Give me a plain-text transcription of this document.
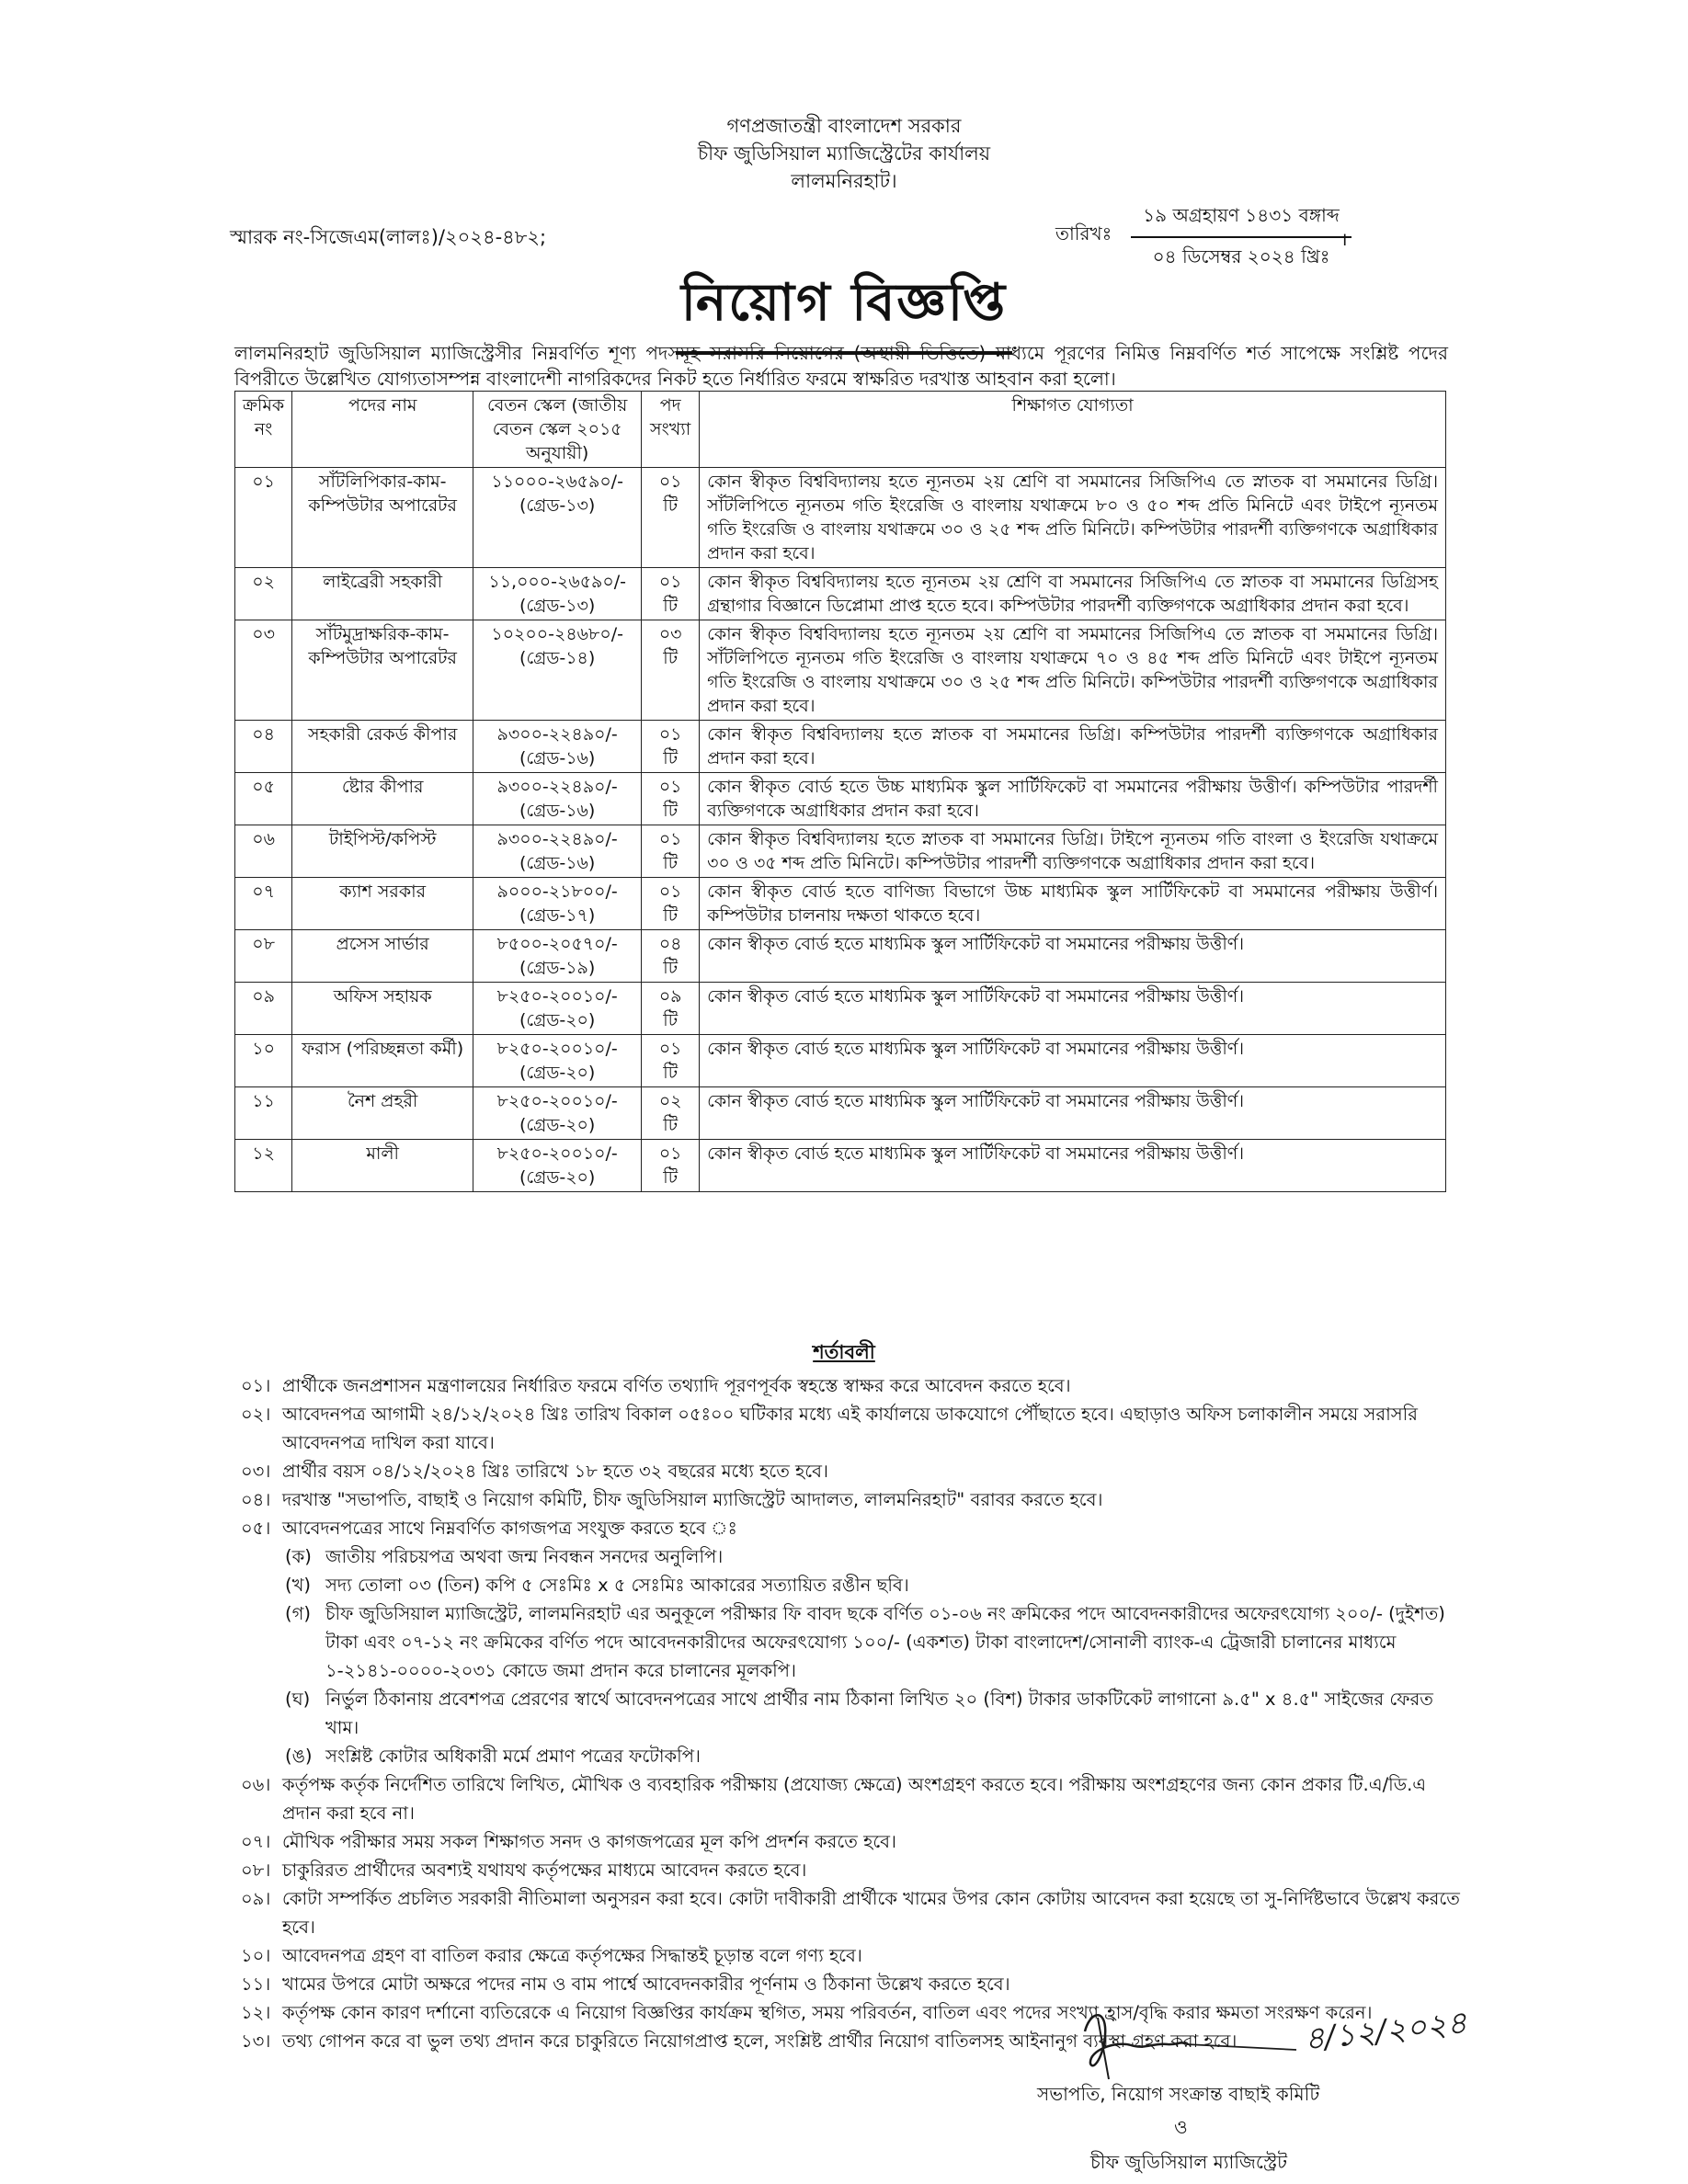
গণপ্রজাতন্ত্রী বাংলাদেশ সরকার
চীফ জুডিসিয়াল ম্যাজিস্ট্রেটের কার্যালয়
লালমনিরহাট।
স্মারক নং-সিজেএম(লালঃ)/২০২৪-৪৮২;	তারিখঃ
১৯ অগ্রহায়ণ ১৪৩১ বঙ্গাব্দ
০৪ ডিসেম্বর ২০২৪ খ্রিঃ
।
নিয়োগ বিজ্ঞপ্তি
লালমনিরহাট জুডিসিয়াল ম্যাজিস্ট্রেসীর নিম্নবর্ণিত শূণ্য পদসমূহ সরাসরি নিয়োগের (অস্থায়ী ভিত্তিতে) মাধ্যমে পূরণের নিমিত্ত নিম্নবর্ণিত শর্ত সাপেক্ষে সংশ্লিষ্ট পদের বিপরীতে উল্লেখিত যোগ্যতাসম্পন্ন বাংলাদেশী নাগরিকদের নিকট হতে নির্ধারিত ফরমে স্বাক্ষরিত দরখাস্ত আহবান করা হলো।
ক্রমিক নং	পদের নাম	বেতন স্কেল (জাতীয় বেতন স্কেল ২০১৫ অনুযায়ী)	পদ সংখ্যা	শিক্ষাগত যোগ্যতা
০১	সাঁটলিপিকার-কাম-কম্পিউটার অপারেটর	১১০০০-২৬৫৯০/-
(গ্রেড-১৩)	০১ টি	কোন স্বীকৃত বিশ্ববিদ্যালয় হতে ন্যূনতম ২য় শ্রেণি বা সমমানের সিজিপিএ তে স্নাতক বা সমমানের ডিগ্রি। সাঁটলিপিতে ন্যূনতম গতি ইংরেজি ও বাংলায় যথাক্রমে ৮০ ও ৫০ শব্দ প্রতি মিনিটে এবং টাইপে ন্যূনতম গতি ইংরেজি ও বাংলায় যথাক্রমে ৩০ ও ২৫ শব্দ প্রতি মিনিটে। কম্পিউটার পারদর্শী ব্যক্তিগণকে অগ্রাধিকার প্রদান করা হবে।
০২	লাইব্রেরী সহকারী	১১,০০০-২৬৫৯০/-
(গ্রেড-১৩)	০১ টি	কোন স্বীকৃত বিশ্ববিদ্যালয় হতে ন্যূনতম ২য় শ্রেণি বা সমমানের সিজিপিএ তে স্নাতক বা সমমানের ডিগ্রিসহ গ্রন্থাগার বিজ্ঞানে ডিপ্লোমা প্রাপ্ত হতে হবে। কম্পিউটার পারদর্শী ব্যক্তিগণকে অগ্রাধিকার প্রদান করা হবে।
০৩	সাঁটমুদ্রাক্ষরিক-কাম-কম্পিউটার অপারেটর	১০২০০-২৪৬৮০/-
(গ্রেড-১৪)	০৩ টি	কোন স্বীকৃত বিশ্ববিদ্যালয় হতে ন্যূনতম ২য় শ্রেণি বা সমমানের সিজিপিএ তে স্নাতক বা সমমানের ডিগ্রি। সাঁটলিপিতে ন্যূনতম গতি ইংরেজি ও বাংলায় যথাক্রমে ৭০ ও ৪৫ শব্দ প্রতি মিনিটে এবং টাইপে ন্যূনতম গতি ইংরেজি ও বাংলায় যথাক্রমে ৩০ ও ২৫ শব্দ প্রতি মিনিটে। কম্পিউটার পারদর্শী ব্যক্তিগণকে অগ্রাধিকার প্রদান করা হবে।
০৪	সহকারী রেকর্ড কীপার	৯৩০০-২২৪৯০/-
(গ্রেড-১৬)	০১ টি	কোন স্বীকৃত বিশ্ববিদ্যালয় হতে স্নাতক বা সমমানের ডিগ্রি। কম্পিউটার পারদর্শী ব্যক্তিগণকে অগ্রাধিকার প্রদান করা হবে।
০৫	ষ্টোর কীপার	৯৩০০-২২৪৯০/-
(গ্রেড-১৬)	০১ টি	কোন স্বীকৃত বোর্ড হতে উচ্চ মাধ্যমিক স্কুল সার্টিফিকেট বা সমমানের পরীক্ষায় উত্তীর্ণ। কম্পিউটার পারদর্শী ব্যক্তিগণকে অগ্রাধিকার প্রদান করা হবে।
০৬	টাইপিস্ট/কপিস্ট	৯৩০০-২২৪৯০/-
(গ্রেড-১৬)	০১ টি	কোন স্বীকৃত বিশ্ববিদ্যালয় হতে স্নাতক বা সমমানের ডিগ্রি। টাইপে ন্যূনতম গতি বাংলা ও ইংরেজি যথাক্রমে ৩০ ও ৩৫ শব্দ প্রতি মিনিটে। কম্পিউটার পারদর্শী ব্যক্তিগণকে অগ্রাধিকার প্রদান করা হবে।
০৭	ক্যাশ সরকার	৯০০০-২১৮০০/-
(গ্রেড-১৭)	০১ টি	কোন স্বীকৃত বোর্ড হতে বাণিজ্য বিভাগে উচ্চ মাধ্যমিক স্কুল সার্টিফিকেট বা সমমানের পরীক্ষায় উত্তীর্ণ। কম্পিউটার চালনায় দক্ষতা থাকতে হবে।
০৮	প্রসেস সার্ভার	৮৫০০-২০৫৭০/-
(গ্রেড-১৯)	০৪ টি	কোন স্বীকৃত বোর্ড হতে মাধ্যমিক স্কুল সার্টিফিকেট বা সমমানের পরীক্ষায় উত্তীর্ণ।
০৯	অফিস সহায়ক	৮২৫০-২০০১০/-
(গ্রেড-২০)	০৯ টি	কোন স্বীকৃত বোর্ড হতে মাধ্যমিক স্কুল সার্টিফিকেট বা সমমানের পরীক্ষায় উত্তীর্ণ।
১০	ফরাস (পরিচ্ছন্নতা কর্মী)	৮২৫০-২০০১০/-
(গ্রেড-২০)	০১ টি	কোন স্বীকৃত বোর্ড হতে মাধ্যমিক স্কুল সার্টিফিকেট বা সমমানের পরীক্ষায় উত্তীর্ণ।
১১	নৈশ প্রহরী	৮২৫০-২০০১০/-
(গ্রেড-২০)	০২ টি	কোন স্বীকৃত বোর্ড হতে মাধ্যমিক স্কুল সার্টিফিকেট বা সমমানের পরীক্ষায় উত্তীর্ণ।
১২	মালী	৮২৫০-২০০১০/-
(গ্রেড-২০)	০১ টি	কোন স্বীকৃত বোর্ড হতে মাধ্যমিক স্কুল সার্টিফিকেট বা সমমানের পরীক্ষায় উত্তীর্ণ।
শর্তাবলী
০১। প্রার্থীকে জনপ্রশাসন মন্ত্রণালয়ের নির্ধারিত ফরমে বর্ণিত তথ্যাদি পূরণপূর্বক স্বহস্তে স্বাক্ষর করে আবেদন করতে হবে।
০২। আবেদনপত্র আগামী ২৪/১২/২০২৪ খ্রিঃ তারিখ বিকাল ০৫ঃ০০ ঘটিকার মধ্যে এই কার্যালয়ে ডাকযোগে পৌঁছাতে হবে। এছাড়াও অফিস চলাকালীন সময়ে সরাসরি আবেদনপত্র দাখিল করা যাবে।
০৩। প্রার্থীর বয়স ০৪/১২/২০২৪ খ্রিঃ তারিখে ১৮ হতে ৩২ বছরের মধ্যে হতে হবে।
০৪। দরখাস্ত "সভাপতি, বাছাই ও নিয়োগ কমিটি, চীফ জুডিসিয়াল ম্যাজিস্ট্রেট আদালত, লালমনিরহাট" বরাবর করতে হবে।
০৫। আবেদনপত্রের সাথে নিম্নবর্ণিত কাগজপত্র সংযুক্ত করতে হবে ঃ
(ক) জাতীয় পরিচয়পত্র অথবা জন্ম নিবন্ধন সনদের অনুলিপি।
(খ) সদ্য তোলা ০৩ (তিন) কপি ৫ সেঃমিঃ x ৫ সেঃমিঃ আকারের সত্যায়িত রঙীন ছবি।
(গ) চীফ জুডিসিয়াল ম্যাজিস্ট্রেট, লালমনিরহাট এর অনুকূলে পরীক্ষার ফি বাবদ ছকে বর্ণিত ০১-০৬ নং ক্রমিকের পদে আবেদনকারীদের অফেরৎযোগ্য ২০০/- (দুইশত) টাকা এবং ০৭-১২ নং ক্রমিকের বর্ণিত পদে আবেদনকারীদের অফেরৎযোগ্য ১০০/- (একশত) টাকা বাংলাদেশ/সোনালী ব্যাংক-এ ট্রেজারী চালানের মাধ্যমে ১-২১৪১-০০০০-২০৩১ কোডে জমা প্রদান করে চালানের মূলকপি।
(ঘ) নির্ভুল ঠিকানায় প্রবেশপত্র প্রেরণের স্বার্থে আবেদনপত্রের সাথে প্রার্থীর নাম ঠিকানা লিখিত ২০ (বিশ) টাকার ডাকটিকেট লাগানো ৯.৫" x ৪.৫" সাইজের ফেরত খাম।
(ঙ) সংশ্লিষ্ট কোটার অধিকারী মর্মে প্রমাণ পত্রের ফটোকপি।
০৬। কর্তৃপক্ষ কর্তৃক নির্দেশিত তারিখে লিখিত, মৌখিক ও ব্যবহারিক পরীক্ষায় (প্রযোজ্য ক্ষেত্রে) অংশগ্রহণ করতে হবে। পরীক্ষায় অংশগ্রহণের জন্য কোন প্রকার টি.এ/ডি.এ প্রদান করা হবে না।
০৭। মৌখিক পরীক্ষার সময় সকল শিক্ষাগত সনদ ও কাগজপত্রের মূল কপি প্রদর্শন করতে হবে।
০৮। চাকুরিরত প্রার্থীদের অবশ্যই যথাযথ কর্তৃপক্ষের মাধ্যমে আবেদন করতে হবে।
০৯। কোটা সম্পর্কিত প্রচলিত সরকারী নীতিমালা অনুসরন করা হবে। কোটা দাবীকারী প্রার্থীকে খামের উপর কোন কোটায় আবেদন করা হয়েছে তা সু-নির্দিষ্টভাবে উল্লেখ করতে হবে।
১০। আবেদনপত্র গ্রহণ বা বাতিল করার ক্ষেত্রে কর্তৃপক্ষের সিদ্ধান্তই চূড়ান্ত বলে গণ্য হবে।
১১। খামের উপরে মোটা অক্ষরে পদের নাম ও বাম পার্শ্বে আবেদনকারীর পূর্ণনাম ও ঠিকানা উল্লেখ করতে হবে।
১২। কর্তৃপক্ষ কোন কারণ দর্শানো ব্যতিরেকে এ নিয়োগ বিজ্ঞপ্তির কার্যক্রম স্থগিত, সময় পরিবর্তন, বাতিল এবং পদের সংখ্যা হ্রাস/বৃদ্ধি করার ক্ষমতা সংরক্ষণ করেন।
১৩। তথ্য গোপন করে বা ভুল তথ্য প্রদান করে চাকুরিতে নিয়োগপ্রাপ্ত হলে, সংশ্লিষ্ট প্রার্থীর নিয়োগ বাতিলসহ আইনানুগ ব্যবস্থা গ্রহণ করা হবে।	৪/১২/২০২৪
সভাপতি, নিয়োগ সংক্রান্ত বাছাই কমিটি
ও
চীফ জুডিসিয়াল ম্যাজিস্ট্রেট
